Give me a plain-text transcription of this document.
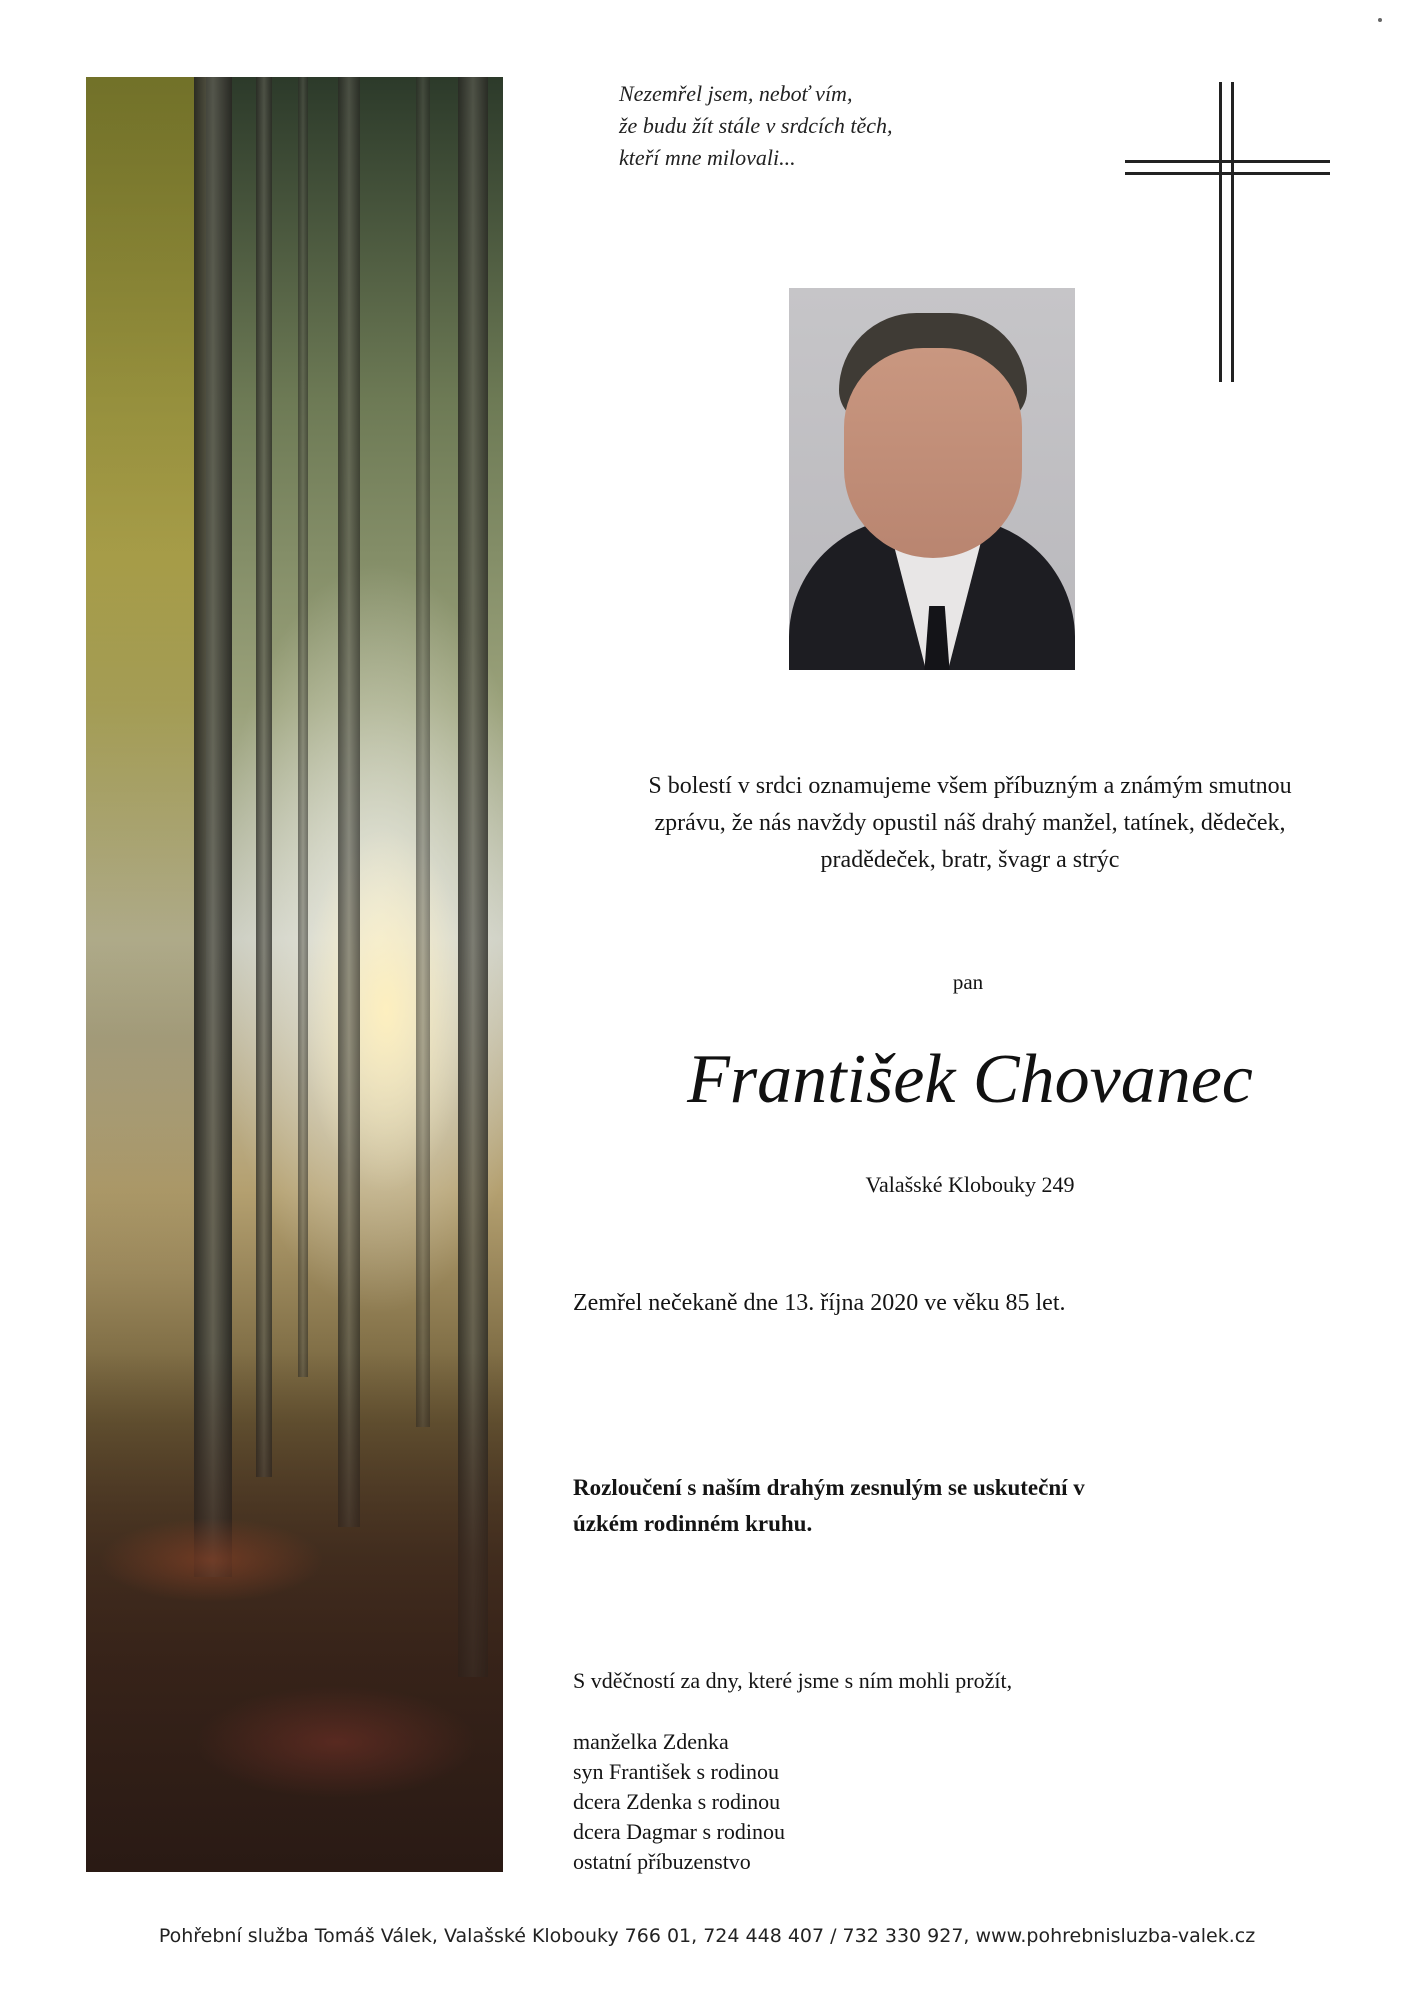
Nezemřel jsem, neboť vím,
že budu žít stále v srdcích těch,
kteří mne milovali...
S bolestí v srdci oznamujeme všem příbuzným a známým smutnou
zprávu, že nás navždy opustil náš drahý manžel, tatínek, dědeček,
pradědeček, bratr, švagr a strýc
pan
František Chovanec
Valašské Klobouky 249
Zemřel nečekaně dne 13. října 2020 ve věku 85 let.
Rozloučení s naším drahým zesnulým se uskuteční v
úzkém rodinném kruhu.
S vděčností za dny, které jsme s ním mohli prožít,
manželka Zdenka
syn František s rodinou
dcera Zdenka s rodinou
dcera Dagmar s rodinou
ostatní příbuzenstvo
Pohřební služba Tomáš Válek, Valašské Klobouky 766 01, 724 448 407 / 732 330 927, www.pohrebnisluzba-valek.cz
